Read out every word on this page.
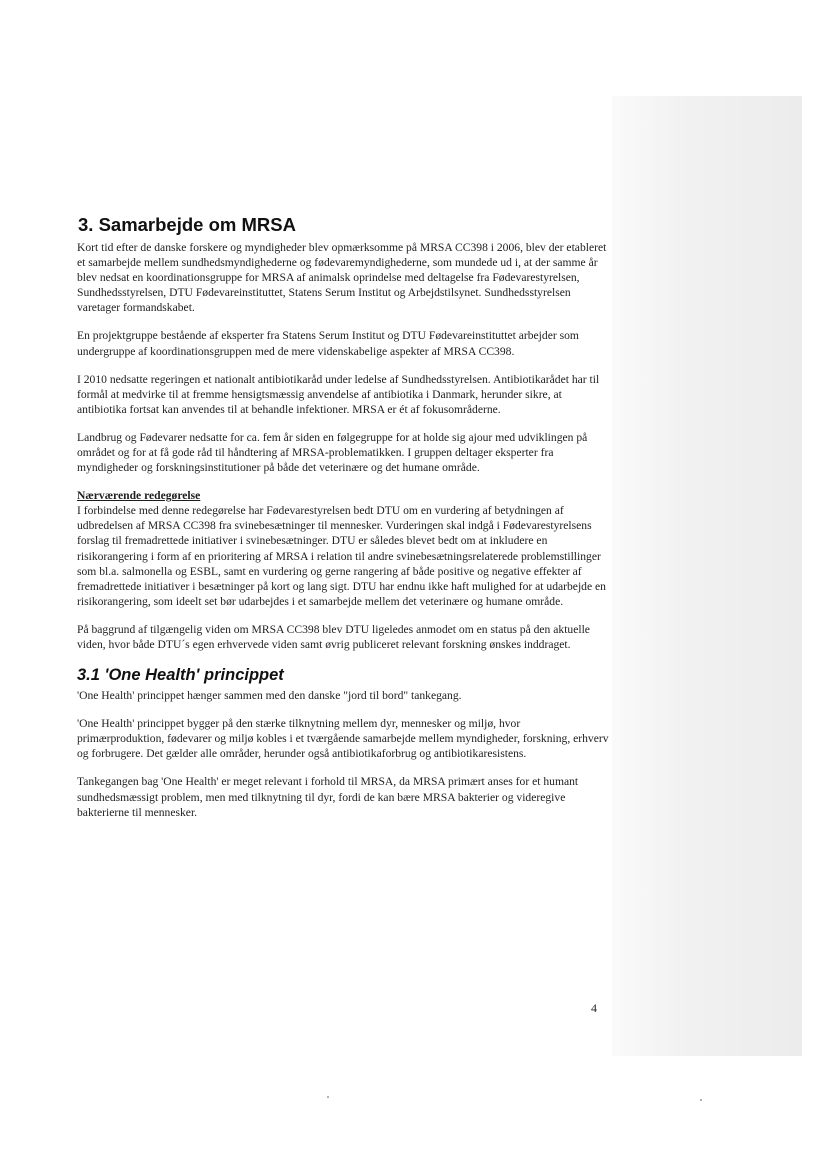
3. Samarbejde om MRSA

Kort tid efter de danske forskere og myndigheder blev opmærksomme på MRSA CC398 i 2006, blev der etableret et samarbejde mellem sundhedsmyndighederne og fødevaremyndighederne, som mundede ud i, at der samme år blev nedsat en koordinationsgruppe for MRSA af animalsk oprindelse med deltagelse fra Fødevarestyrelsen, Sundhedsstyrelsen, DTU Fødevareinstituttet, Statens Serum Institut og Arbejdstilsynet. Sundhedsstyrelsen varetager formandskabet.

En projektgruppe bestående af eksperter fra Statens Serum Institut og DTU Fødevareinstituttet arbejder som undergruppe af koordinationsgruppen med de mere videnskabelige aspekter af MRSA CC398.

I 2010 nedsatte regeringen et nationalt antibiotikaråd under ledelse af Sundhedsstyrelsen. Antibiotikarådet har til formål at medvirke til at fremme hensigtsmæssig anvendelse af antibiotika i Danmark, herunder sikre, at antibiotika fortsat kan anvendes til at behandle infektioner. MRSA er ét af fokusområderne.

Landbrug og Fødevarer nedsatte for ca. fem år siden en følgegruppe for at holde sig ajour med udviklingen på området og for at få gode råd til håndtering af MRSA-problematikken. I gruppen deltager eksperter fra myndigheder og forskningsinstitutioner på både det veterinære og det humane område.

Nærværende redegørelse

I forbindelse med denne redegørelse har Fødevarestyrelsen bedt DTU om en vurdering af betydningen af udbredelsen af MRSA CC398 fra svinebesætninger til mennesker. Vurderingen skal indgå i Fødevarestyrelsens forslag til fremadrettede initiativer i svinebesætninger. DTU er således blevet bedt om at inkludere en risikorangering i form af en prioritering af MRSA i relation til andre svinebesætningsrelaterede problemstillinger som bl.a. salmonella og ESBL, samt en vurdering og gerne rangering af både positive og negative effekter af fremadrettede initiativer i besætninger på kort og lang sigt. DTU har endnu ikke haft mulighed for at udarbejde en risikorangering, som ideelt set bør udarbejdes i et samarbejde mellem det veterinære og humane område.

På baggrund af tilgængelig viden om MRSA CC398 blev DTU ligeledes anmodet om en status på den aktuelle viden, hvor både DTU´s egen erhvervede viden samt øvrig publiceret relevant forskning ønskes inddraget.

3.1 'One Health' princippet

'One Health' princippet hænger sammen med den danske "jord til bord" tankegang.

'One Health' princippet bygger på den stærke tilknytning mellem dyr, mennesker og miljø, hvor primærproduktion, fødevarer og miljø kobles i et tværgående samarbejde mellem myndigheder, forskning, erhverv og forbrugere. Det gælder alle områder, herunder også antibiotikaforbrug og antibiotikaresistens.

Tankegangen bag 'One Health' er meget relevant i forhold til MRSA, da MRSA primært anses for et humant sundhedsmæssigt problem, men med tilknytning til dyr, fordi de kan bære MRSA bakterier og videregive bakterierne til mennesker.

4
